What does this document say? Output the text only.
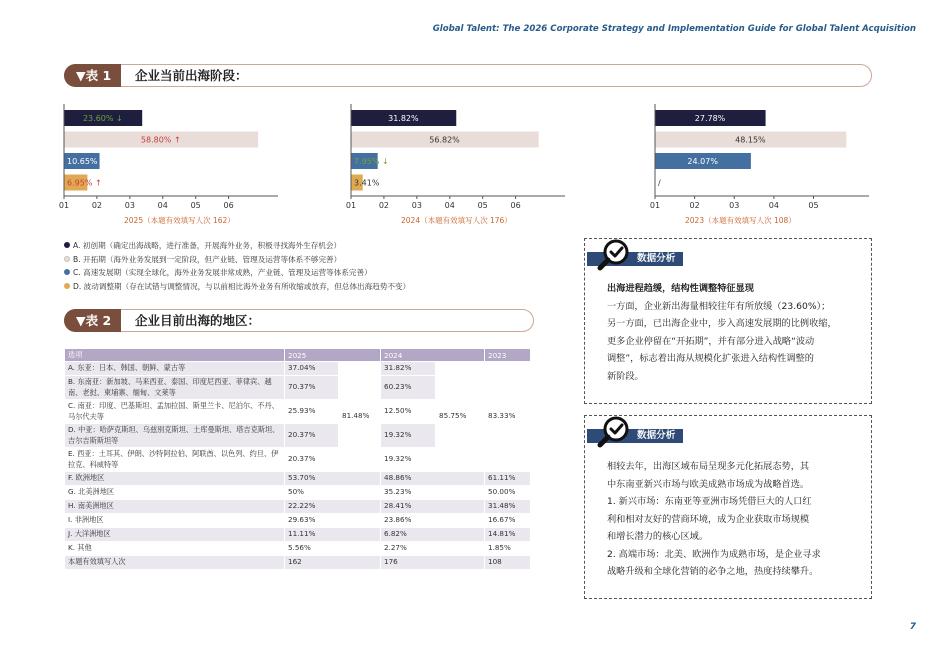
Global Talent: The 2026 Corporate Strategy and Implementation Guide for Global Talent Acquisition
▼表 1	企业当前出海阶段：
01	02	03	04	05	06
23.60% ↓
58.80% ↑
10.65%
6.95% ↑
2025（本题有效填写人次 162）
01	02	03	04	05	06
31.82%
56.82%
7.95% ↓
3.41%
2024（本题有效填写人次 176）
01	02	03	04	05
27.78%
48.15%
24.07%
/
2023（本题有效填写人次 108）
A. 初创期（确定出海战略，进行准备，开展海外业务，积极寻找海外生存机会）
B. 开拓期（海外业务发展到一定阶段，但产业链、管理及运营等体系不够完善）
C. 高速发展期（实现全球化，海外业务发展非常成熟，产业链、管理及运营等体系完善）
D. 波动调整期（存在试错与调整情况，与以前相比海外业务有所收缩或放弃，但总体出海趋势不变）
▼表 2	企业目前出海的地区：
选项	2025		2024		2023
A. 东亚：日本、韩国、朝鲜、蒙古等	37.04%	81.48%	31.82%	85.75%	83.33%
B. 东南亚：新加坡、马来西亚、泰国、印度尼西亚、菲律宾、越南、老挝、柬埔寨、缅甸、文莱等	70.37%		60.23%		
C. 南亚：印度、巴基斯坦、孟加拉国、斯里兰卡、尼泊尔、不丹、马尔代夫等	25.93%		12.50%		
D. 中亚：哈萨克斯坦、乌兹别克斯坦、土库曼斯坦、塔吉克斯坦、吉尔吉斯斯坦等	20.37%		19.32%		
E. 西亚：土耳其、伊朗、沙特阿拉伯、阿联酋、以色列、约旦、伊拉克、科威特等	20.37%		19.32%		
F. 欧洲地区	53.70%		48.86%		61.11%
G. 北美洲地区	50%		35.23%		50.00%
H. 南美洲地区	22.22%		28.41%		31.48%
I. 非洲地区	29.63%		23.86%		16.67%
J. 大洋洲地区	11.11%		6.82%		14.81%
K. 其他	5.56%		2.27%		1.85%
本题有效填写人次	162		176		108
数据分析
出海进程趋缓，结构性调整特征显现
一方面，企业新出海量相较往年有所放缓（23.60%）；
另一方面，已出海企业中，步入高速发展期的比例收缩，
更多企业停留在“开拓期”，并有部分进入战略“波动
调整”，标志着出海从规模化扩张进入结构性调整的
新阶段。
数据分析
相较去年，出海区域布局呈现多元化拓展态势，其
中东南亚新兴市场与欧美成熟市场成为战略首选。
1. 新兴市场：东南亚等亚洲市场凭借巨大的人口红
利和相对友好的营商环境，成为企业获取市场规模
和增长潜力的核心区域。
2. 高端市场：北美、欧洲作为成熟市场，是企业寻求
战略升级和全球化营销的必争之地，热度持续攀升。
7
